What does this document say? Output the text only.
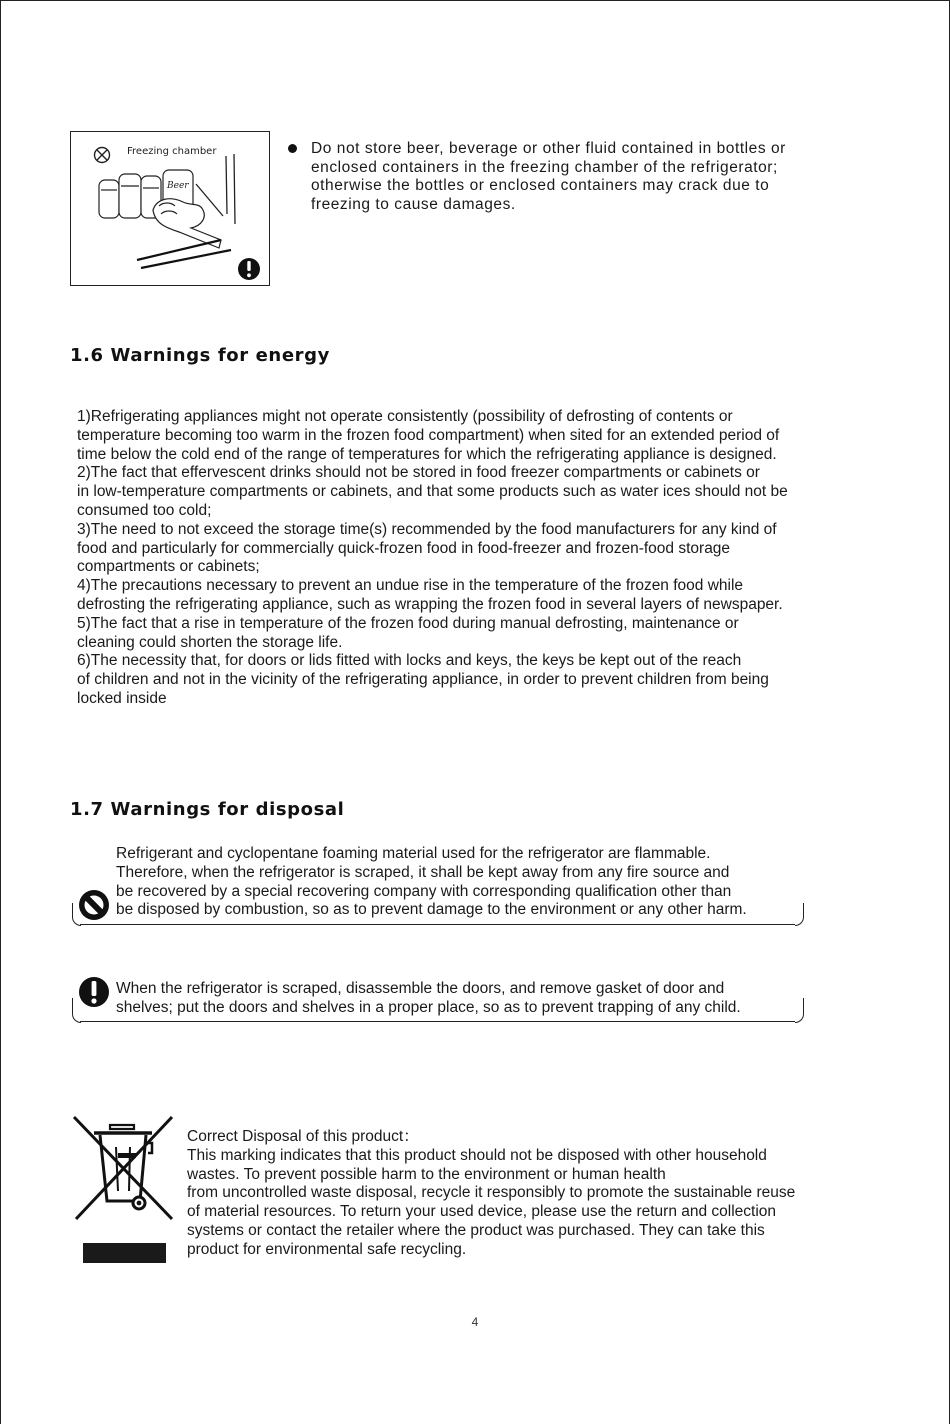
Beer
Freezing chamber	Do not store beer, beverage or other fluid contained in bottles or
enclosed containers in the freezing chamber of the refrigerator;
otherwise the bottles or enclosed containers may crack due to
freezing to cause damages.
1.6 Warnings for energy
1)Refrigerating appliances might not operate consistently (possibility of defrosting of contents or
temperature becoming too warm in the frozen food compartment) when sited for an extended period of
time below the cold end of the range of temperatures for which the refrigerating appliance is designed.
2)The fact that effervescent drinks should not be stored in food freezer compartments or cabinets or
in low-temperature compartments or cabinets, and that some products such as water ices should not be
consumed too cold;
3)The need to not exceed the storage time(s) recommended by the food manufacturers for any kind of
food and particularly for commercially quick-frozen food in food-freezer and frozen-food storage
compartments or cabinets;
4)The precautions necessary to prevent an undue rise in the temperature of the frozen food while
defrosting the refrigerating appliance, such as wrapping the frozen food in several layers of newspaper.
5)The fact that a rise in temperature of the frozen food during manual defrosting, maintenance or
cleaning could shorten the storage life.
6)The necessity that, for doors or lids fitted with locks and keys, the keys be kept out of the reach
of children and not in the vicinity of the refrigerating appliance, in order to prevent children from being
locked inside
1.7 Warnings for disposal
Refrigerant and cyclopentane foaming material used for the refrigerator are flammable.
Therefore, when the refrigerator is scraped, it shall be kept away from any fire source and
be recovered by a special recovering company with corresponding qualification other than
be disposed by combustion, so as to prevent damage to the environment or any other harm.
When the refrigerator is scraped, disassemble the doors, and remove gasket of door and
shelves; put the doors and shelves in a proper place, so as to prevent trapping of any child.
Correct Disposal of this product：
This marking indicates that this product should not be disposed with other household
wastes. To prevent possible harm to the environment or human health
from uncontrolled waste disposal, recycle it responsibly to promote the sustainable reuse
of material resources. To return your used device, please use the return and collection
systems or contact the retailer where the product was purchased. They can take this
product for environmental safe recycling.
4
